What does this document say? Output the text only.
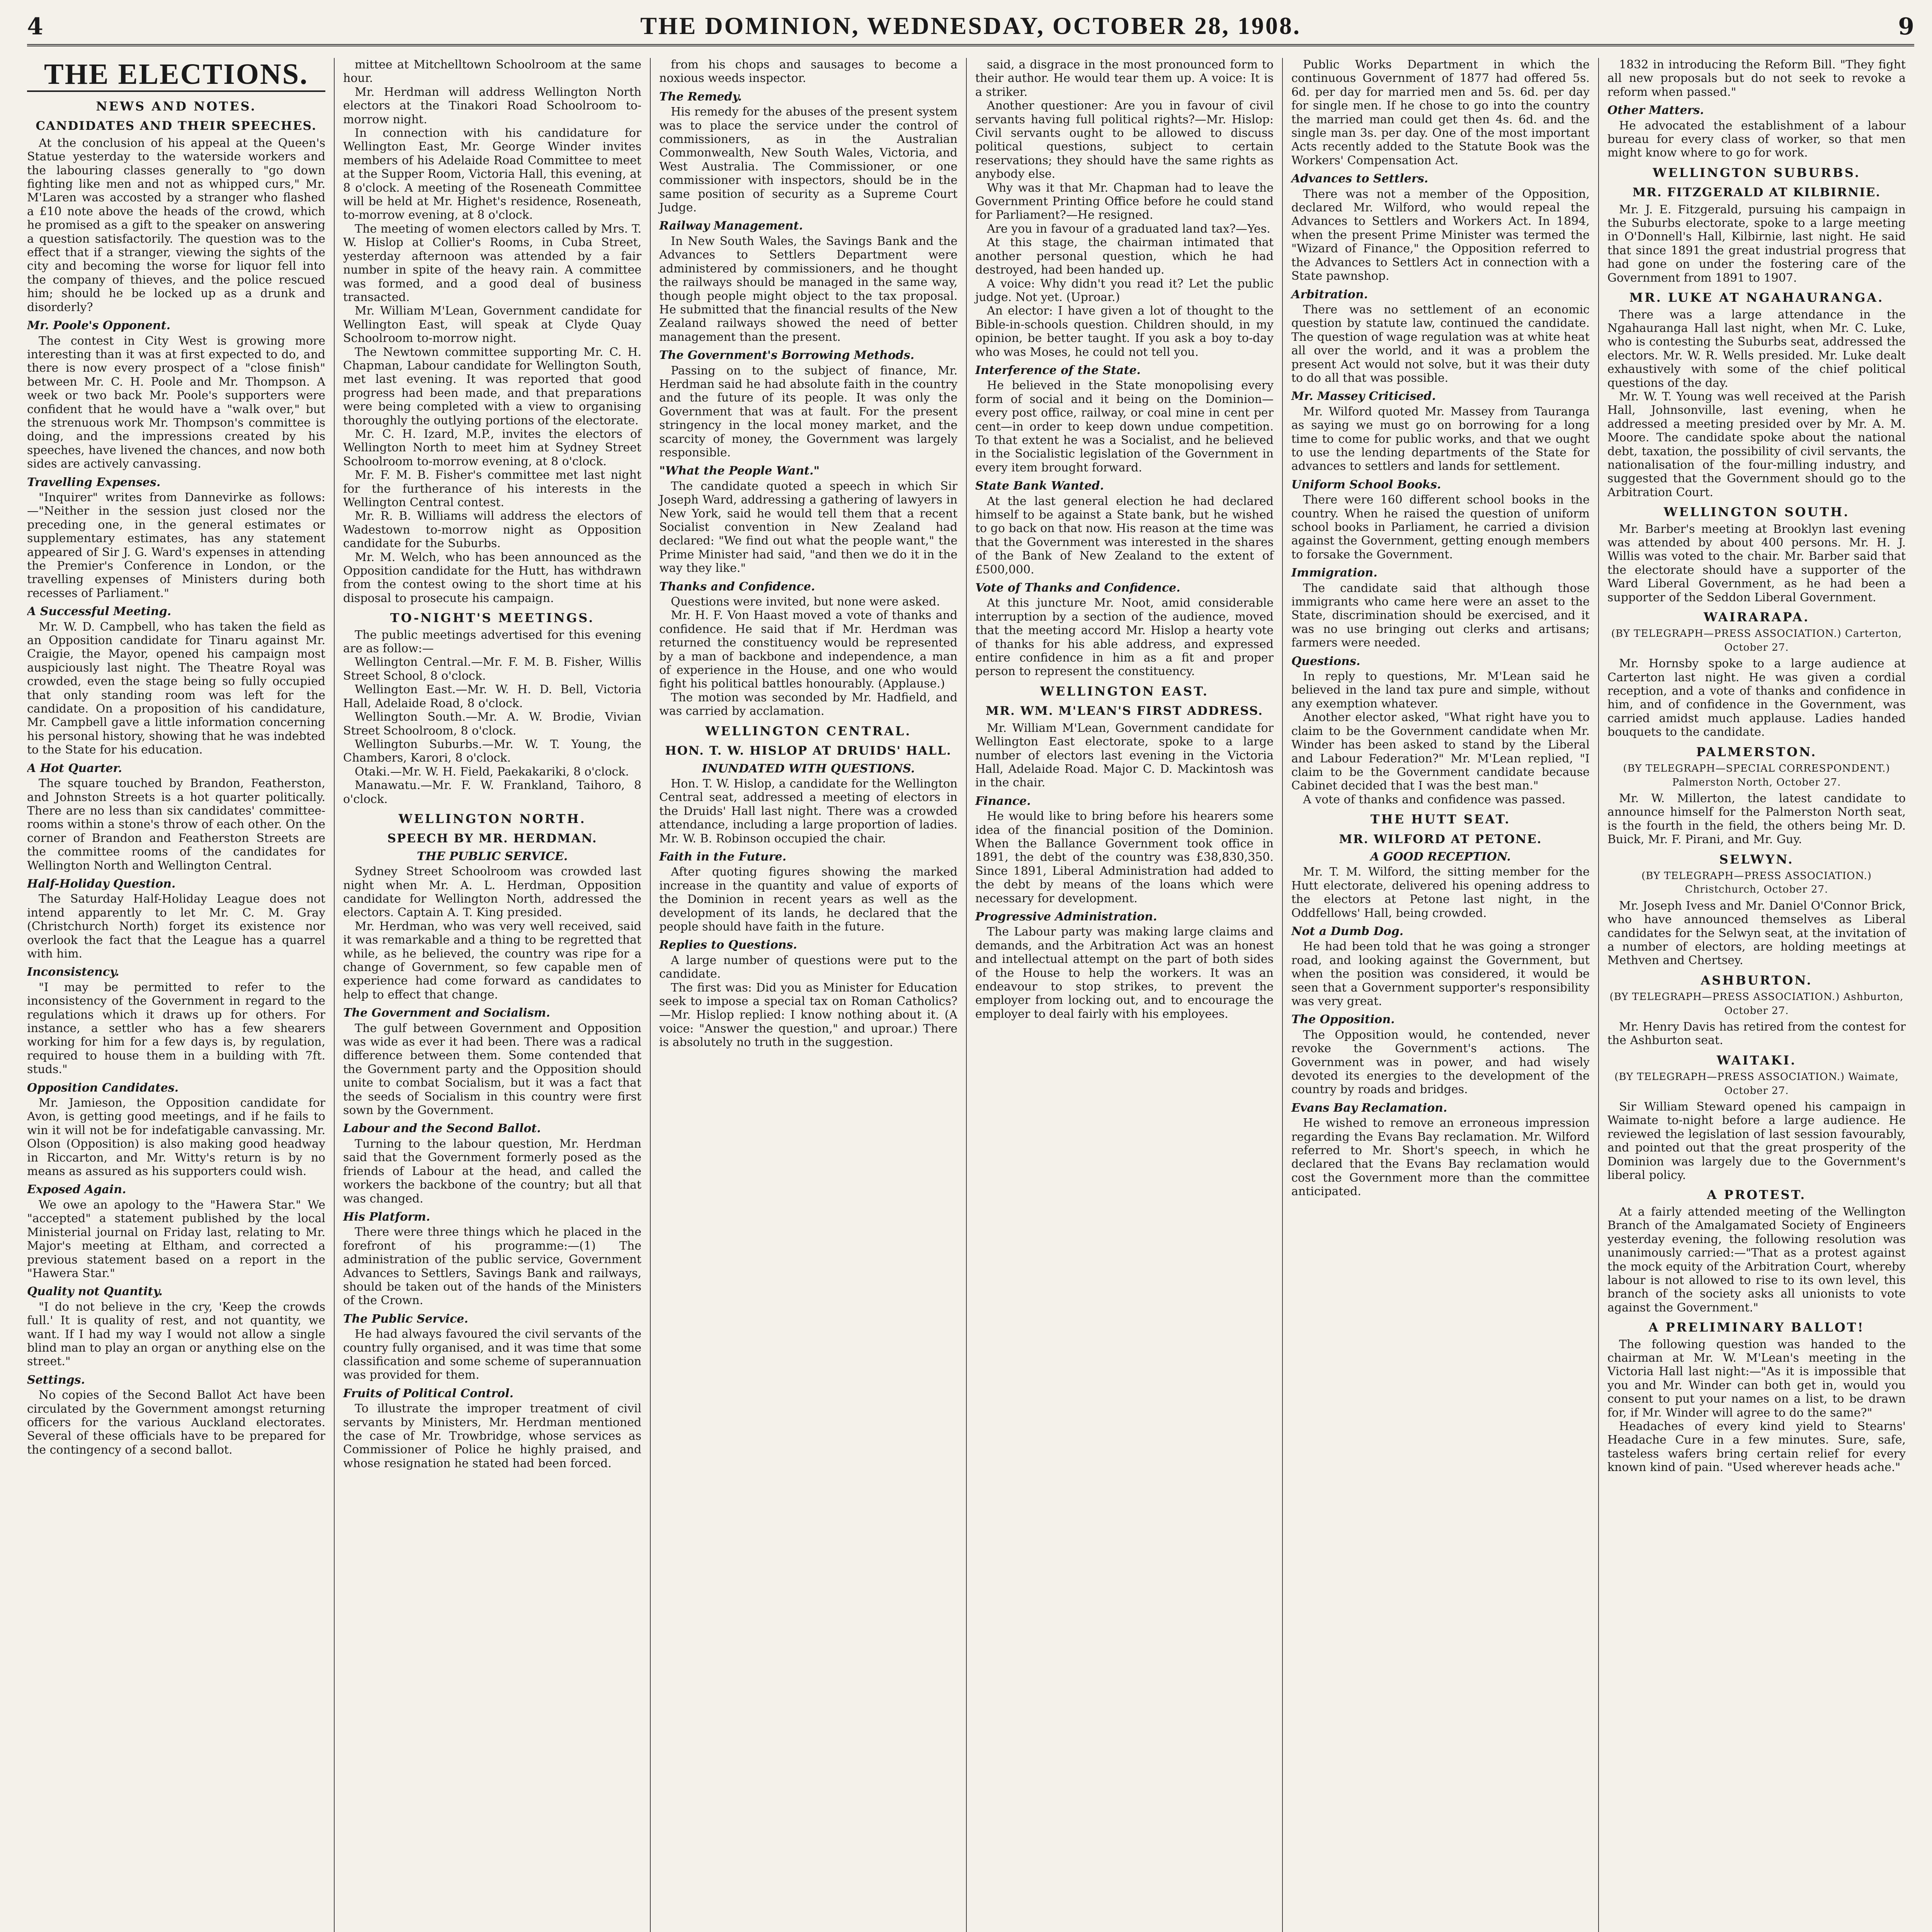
4	THE DOMINION, WEDNESDAY, OCTOBER 28, 1908.	9
THE ELECTIONS.
NEWS AND NOTES.
CANDIDATES AND THEIR SPEECHES.

At the conclusion of his appeal at the Queen's Statue yesterday to the waterside workers and the labouring classes generally to "go down fighting like men and not as whipped curs," Mr. M'Laren was accosted by a stranger who flashed a £10 note above the heads of the crowd, which he promised as a gift to the speaker on answering a question satisfactorily. The question was to the effect that if a stranger, viewing the sights of the city and becoming the worse for liquor fell into the company of thieves, and the police rescued him; should he be locked up as a drunk and disorderly?

Mr. Poole's Opponent.

The contest in City West is growing more interesting than it was at first expected to do, and there is now every prospect of a "close finish" between Mr. C. H. Poole and Mr. Thompson. A week or two back Mr. Poole's supporters were confident that he would have a "walk over," but the strenuous work Mr. Thompson's committee is doing, and the impressions created by his speeches, have livened the chances, and now both sides are actively canvassing.

Travelling Expenses.

"Inquirer" writes from Dannevirke as follows:—"Neither in the session just closed nor the preceding one, in the general estimates or supplementary estimates, has any statement appeared of Sir J. G. Ward's expenses in attending the Premier's Conference in London, or the travelling expenses of Ministers during both recesses of Parliament."

A Successful Meeting.

Mr. W. D. Campbell, who has taken the field as an Opposition candidate for Tinaru against Mr. Craigie, the Mayor, opened his campaign most auspiciously last night. The Theatre Royal was crowded, even the stage being so fully occupied that only standing room was left for the candidate. On a proposition of his candidature, Mr. Campbell gave a little information concerning his personal history, showing that he was indebted to the State for his education.

A Hot Quarter.

The square touched by Brandon, Featherston, and Johnston Streets is a hot quarter politically. There are no less than six candidates' committee-rooms within a stone's throw of each other. On the corner of Brandon and Featherston Streets are the committee rooms of the candidates for Wellington North and Wellington Central.

Half-Holiday Question.

The Saturday Half-Holiday League does not intend apparently to let Mr. C. M. Gray (Christchurch North) forget its existence nor overlook the fact that the League has a quarrel with him.

Inconsistency.

"I may be permitted to refer to the inconsistency of the Government in regard to the regulations which it draws up for others. For instance, a settler who has a few shearers working for him for a few days is, by regulation, required to house them in a building with 7ft. studs."

Opposition Candidates.

Mr. Jamieson, the Opposition candidate for Avon, is getting good meetings, and if he fails to win it will not be for indefatigable canvassing. Mr. Olson (Opposition) is also making good headway in Riccarton, and Mr. Witty's return is by no means as assured as his supporters could wish.

Exposed Again.

We owe an apology to the "Hawera Star." We "accepted" a statement published by the local Ministerial journal on Friday last, relating to Mr. Major's meeting at Eltham, and corrected a previous statement based on a report in the "Hawera Star."

Quality not Quantity.

"I do not believe in the cry, 'Keep the crowds full.' It is quality of rest, and not quantity, we want. If I had my way I would not allow a single blind man to play an organ or anything else on the street."

Settings.

No copies of the Second Ballot Act have been circulated by the Government amongst returning officers for the various Auckland electorates. Several of these officials have to be prepared for the contingency of a second ballot.

mittee at Mitchelltown Schoolroom at the same hour.

Mr. Herdman will address Wellington North electors at the Tinakori Road Schoolroom to-morrow night.

In connection with his candidature for Wellington East, Mr. George Winder invites members of his Adelaide Road Committee to meet at the Supper Room, Victoria Hall, this evening, at 8 o'clock. A meeting of the Roseneath Committee will be held at Mr. Highet's residence, Roseneath, to-morrow evening, at 8 o'clock.

The meeting of women electors called by Mrs. T. W. Hislop at Collier's Rooms, in Cuba Street, yesterday afternoon was attended by a fair number in spite of the heavy rain. A committee was formed, and a good deal of business transacted.

Mr. William M'Lean, Government candidate for Wellington East, will speak at Clyde Quay Schoolroom to-morrow night.

The Newtown committee supporting Mr. C. H. Chapman, Labour candidate for Wellington South, met last evening. It was reported that good progress had been made, and that preparations were being completed with a view to organising thoroughly the outlying portions of the electorate.

Mr. C. H. Izard, M.P., invites the electors of Wellington North to meet him at Sydney Street Schoolroom to-morrow evening, at 8 o'clock.

Mr. F. M. B. Fisher's committee met last night for the furtherance of his interests in the Wellington Central contest.

Mr. R. B. Williams will address the electors of Wadestown to-morrow night as Opposition candidate for the Suburbs.

Mr. M. Welch, who has been announced as the Opposition candidate for the Hutt, has withdrawn from the contest owing to the short time at his disposal to prosecute his campaign.

TO-NIGHT'S MEETINGS.

The public meetings advertised for this evening are as follow:—

Wellington Central.—Mr. F. M. B. Fisher, Willis Street School, 8 o'clock.

Wellington East.—Mr. W. H. D. Bell, Victoria Hall, Adelaide Road, 8 o'clock.

Wellington South.—Mr. A. W. Brodie, Vivian Street Schoolroom, 8 o'clock.

Wellington Suburbs.—Mr. W. T. Young, the Chambers, Karori, 8 o'clock.

Otaki.—Mr. W. H. Field, Paekakariki, 8 o'clock.

Manawatu.—Mr. F. W. Frankland, Taihoro, 8 o'clock.

WELLINGTON NORTH.
SPEECH BY MR. HERDMAN.
THE PUBLIC SERVICE.

Sydney Street Schoolroom was crowded last night when Mr. A. L. Herdman, Opposition candidate for Wellington North, addressed the electors. Captain A. T. King presided.

Mr. Herdman, who was very well received, said it was remarkable and a thing to be regretted that while, as he believed, the country was ripe for a change of Government, so few capable men of experience had come forward as candidates to help to effect that change.

The Government and Socialism.

The gulf between Government and Opposition was wide as ever it had been. There was a radical difference between them. Some contended that the Government party and the Opposition should unite to combat Socialism, but it was a fact that the seeds of Socialism in this country were first sown by the Government.

Labour and the Second Ballot.

Turning to the labour question, Mr. Herdman said that the Government formerly posed as the friends of Labour at the head, and called the workers the backbone of the country; but all that was changed.

His Platform.

There were three things which he placed in the forefront of his programme:—(1) The administration of the public service, Government Advances to Settlers, Savings Bank and railways, should be taken out of the hands of the Ministers of the Crown.

The Public Service.

He had always favoured the civil servants of the country fully organised, and it was time that some classification and some scheme of superannuation was provided for them.

Fruits of Political Control.

To illustrate the improper treatment of civil servants by Ministers, Mr. Herdman mentioned the case of Mr. Trowbridge, whose services as Commissioner of Police he highly praised, and whose resignation he stated had been forced.

from his chops and sausages to become a noxious weeds inspector.

The Remedy.

His remedy for the abuses of the present system was to place the service under the control of commissioners, as in the Australian Commonwealth, New South Wales, Victoria, and West Australia. The Commissioner, or one commissioner with inspectors, should be in the same position of security as a Supreme Court Judge.

Railway Management.

In New South Wales, the Savings Bank and the Advances to Settlers Department were administered by commissioners, and he thought the railways should be managed in the same way, though people might object to the tax proposal. He submitted that the financial results of the New Zealand railways showed the need of better management than the present.

The Government's Borrowing Methods.

Passing on to the subject of finance, Mr. Herdman said he had absolute faith in the country and the future of its people. It was only the Government that was at fault. For the present stringency in the local money market, and the scarcity of money, the Government was largely responsible.

"What the People Want."

The candidate quoted a speech in which Sir Joseph Ward, addressing a gathering of lawyers in New York, said he would tell them that a recent Socialist convention in New Zealand had declared: "We find out what the people want," the Prime Minister had said, "and then we do it in the way they like."

Thanks and Confidence.

Questions were invited, but none were asked.

Mr. H. F. Von Haast moved a vote of thanks and confidence. He said that if Mr. Herdman was returned the constituency would be represented by a man of backbone and independence, a man of experience in the House, and one who would fight his political battles honourably. (Applause.)

The motion was seconded by Mr. Hadfield, and was carried by acclamation.

WELLINGTON CENTRAL.
HON. T. W. HISLOP AT DRUIDS' HALL.
INUNDATED WITH QUESTIONS.

Hon. T. W. Hislop, a candidate for the Wellington Central seat, addressed a meeting of electors in the Druids' Hall last night. There was a crowded attendance, including a large proportion of ladies. Mr. W. B. Robinson occupied the chair.

Faith in the Future.

After quoting figures showing the marked increase in the quantity and value of exports of the Dominion in recent years as well as the development of its lands, he declared that the people should have faith in the future.

Replies to Questions.

A large number of questions were put to the candidate.

The first was: Did you as Minister for Education seek to impose a special tax on Roman Catholics?—Mr. Hislop replied: I know nothing about it. (A voice: "Answer the question," and uproar.) There is absolutely no truth in the suggestion.

said, a disgrace in the most pronounced form to their author. He would tear them up. A voice: It is a striker.

Another questioner: Are you in favour of civil servants having full political rights?—Mr. Hislop: Civil servants ought to be allowed to discuss political questions, subject to certain reservations; they should have the same rights as anybody else.

Why was it that Mr. Chapman had to leave the Government Printing Office before he could stand for Parliament?—He resigned.

Are you in favour of a graduated land tax?—Yes.

At this stage, the chairman intimated that another personal question, which he had destroyed, had been handed up.

A voice: Why didn't you read it? Let the public judge. Not yet. (Uproar.)

An elector: I have given a lot of thought to the Bible-in-schools question. Children should, in my opinion, be better taught. If you ask a boy to-day who was Moses, he could not tell you.

Interference of the State.

He believed in the State monopolising every form of social and it being on the Dominion—every post office, railway, or coal mine in cent per cent—in order to keep down undue competition. To that extent he was a Socialist, and he believed in the Socialistic legislation of the Government in every item brought forward.

State Bank Wanted.

At the last general election he had declared himself to be against a State bank, but he wished to go back on that now. His reason at the time was that the Government was interested in the shares of the Bank of New Zealand to the extent of £500,000.

Vote of Thanks and Confidence.

At this juncture Mr. Noot, amid considerable interruption by a section of the audience, moved that the meeting accord Mr. Hislop a hearty vote of thanks for his able address, and expressed entire confidence in him as a fit and proper person to represent the constituency.

WELLINGTON EAST.
MR. WM. M'LEAN'S FIRST ADDRESS.

Mr. William M'Lean, Government candidate for Wellington East electorate, spoke to a large number of electors last evening in the Victoria Hall, Adelaide Road. Major C. D. Mackintosh was in the chair.

Finance.

He would like to bring before his hearers some idea of the financial position of the Dominion. When the Ballance Government took office in 1891, the debt of the country was £38,830,350. Since 1891, Liberal Administration had added to the debt by means of the loans which were necessary for development.

Progressive Administration.

The Labour party was making large claims and demands, and the Arbitration Act was an honest and intellectual attempt on the part of both sides of the House to help the workers. It was an endeavour to stop strikes, to prevent the employer from locking out, and to encourage the employer to deal fairly with his employees.

Public Works Department in which the continuous Government of 1877 had offered 5s. 6d. per day for married men and 5s. 6d. per day for single men. If he chose to go into the country the married man could get then 4s. 6d. and the single man 3s. per day. One of the most important Acts recently added to the Statute Book was the Workers' Compensation Act.

Advances to Settlers.

There was not a member of the Opposition, declared Mr. Wilford, who would repeal the Advances to Settlers and Workers Act. In 1894, when the present Prime Minister was termed the "Wizard of Finance," the Opposition referred to the Advances to Settlers Act in connection with a State pawnshop.

Arbitration.

There was no settlement of an economic question by statute law, continued the candidate. The question of wage regulation was at white heat all over the world, and it was a problem the present Act would not solve, but it was their duty to do all that was possible.

Mr. Massey Criticised.

Mr. Wilford quoted Mr. Massey from Tauranga as saying we must go on borrowing for a long time to come for public works, and that we ought to use the lending departments of the State for advances to settlers and lands for settlement.

Uniform School Books.

There were 160 different school books in the country. When he raised the question of uniform school books in Parliament, he carried a division against the Government, getting enough members to forsake the Government.

Immigration.

The candidate said that although those immigrants who came here were an asset to the State, discrimination should be exercised, and it was no use bringing out clerks and artisans; farmers were needed.

Questions.

In reply to questions, Mr. M'Lean said he believed in the land tax pure and simple, without any exemption whatever.

Another elector asked, "What right have you to claim to be the Government candidate when Mr. Winder has been asked to stand by the Liberal and Labour Federation?" Mr. M'Lean replied, "I claim to be the Government candidate because Cabinet decided that I was the best man."

A vote of thanks and confidence was passed.

THE HUTT SEAT.
MR. WILFORD AT PETONE.
A GOOD RECEPTION.

Mr. T. M. Wilford, the sitting member for the Hutt electorate, delivered his opening address to the electors at Petone last night, in the Oddfellows' Hall, being crowded.

Not a Dumb Dog.

He had been told that he was going a stronger road, and looking against the Government, but when the position was considered, it would be seen that a Government supporter's responsibility was very great.

The Opposition.

The Opposition would, he contended, never revoke the Government's actions. The Government was in power, and had wisely devoted its energies to the development of the country by roads and bridges.

Evans Bay Reclamation.

He wished to remove an erroneous impression regarding the Evans Bay reclamation. Mr. Wilford referred to Mr. Short's speech, in which he declared that the Evans Bay reclamation would cost the Government more than the committee anticipated.

1832 in introducing the Reform Bill. "They fight all new proposals but do not seek to revoke a reform when passed."

Other Matters.

He advocated the establishment of a labour bureau for every class of worker, so that men might know where to go for work.

WELLINGTON SUBURBS.
MR. FITZGERALD AT KILBIRNIE.

Mr. J. E. Fitzgerald, pursuing his campaign in the Suburbs electorate, spoke to a large meeting in O'Donnell's Hall, Kilbirnie, last night. He said that since 1891 the great industrial progress that had gone on under the fostering care of the Government from 1891 to 1907.

MR. LUKE AT NGAHAURANGA.

There was a large attendance in the Ngahauranga Hall last night, when Mr. C. Luke, who is contesting the Suburbs seat, addressed the electors. Mr. W. R. Wells presided. Mr. Luke dealt exhaustively with some of the chief political questions of the day.

Mr. W. T. Young was well received at the Parish Hall, Johnsonville, last evening, when he addressed a meeting presided over by Mr. A. M. Moore. The candidate spoke about the national debt, taxation, the possibility of civil servants, the nationalisation of the four-milling industry, and suggested that the Government should go to the Arbitration Court.

WELLINGTON SOUTH.

Mr. Barber's meeting at Brooklyn last evening was attended by about 400 persons. Mr. H. J. Willis was voted to the chair. Mr. Barber said that the electorate should have a supporter of the Ward Liberal Government, as he had been a supporter of the Seddon Liberal Government.

WAIRARAPA.
(BY TELEGRAPH—PRESS ASSOCIATION.) Carterton, October 27.

Mr. Hornsby spoke to a large audience at Carterton last night. He was given a cordial reception, and a vote of thanks and confidence in him, and of confidence in the Government, was carried amidst much applause. Ladies handed bouquets to the candidate.

PALMERSTON.
(BY TELEGRAPH—SPECIAL CORRESPONDENT.) Palmerston North, October 27.

Mr. W. Millerton, the latest candidate to announce himself for the Palmerston North seat, is the fourth in the field, the others being Mr. D. Buick, Mr. F. Pirani, and Mr. Guy.

SELWYN.
(BY TELEGRAPH—PRESS ASSOCIATION.) Christchurch, October 27.

Mr. Joseph Ivess and Mr. Daniel O'Connor Brick, who have announced themselves as Liberal candidates for the Selwyn seat, at the invitation of a number of electors, are holding meetings at Methven and Chertsey.

ASHBURTON.
(BY TELEGRAPH—PRESS ASSOCIATION.) Ashburton, October 27.

Mr. Henry Davis has retired from the contest for the Ashburton seat.

WAITAKI.
(BY TELEGRAPH—PRESS ASSOCIATION.) Waimate, October 27.

Sir William Steward opened his campaign in Waimate to-night before a large audience. He reviewed the legislation of last session favourably, and pointed out that the great prosperity of the Dominion was largely due to the Government's liberal policy.

A PROTEST.

At a fairly attended meeting of the Wellington Branch of the Amalgamated Society of Engineers yesterday evening, the following resolution was unanimously carried:—"That as a protest against the mock equity of the Arbitration Court, whereby labour is not allowed to rise to its own level, this branch of the society asks all unionists to vote against the Government."

A PRELIMINARY BALLOT!

The following question was handed to the chairman at Mr. W. M'Lean's meeting in the Victoria Hall last night:—"As it is impossible that you and Mr. Winder can both get in, would you consent to put your names on a list, to be drawn for, if Mr. Winder will agree to do the same?"

Headaches of every kind yield to Stearns' Headache Cure in a few minutes. Sure, safe, tasteless wafers bring certain relief for every known kind of pain. "Used wherever heads ache."
